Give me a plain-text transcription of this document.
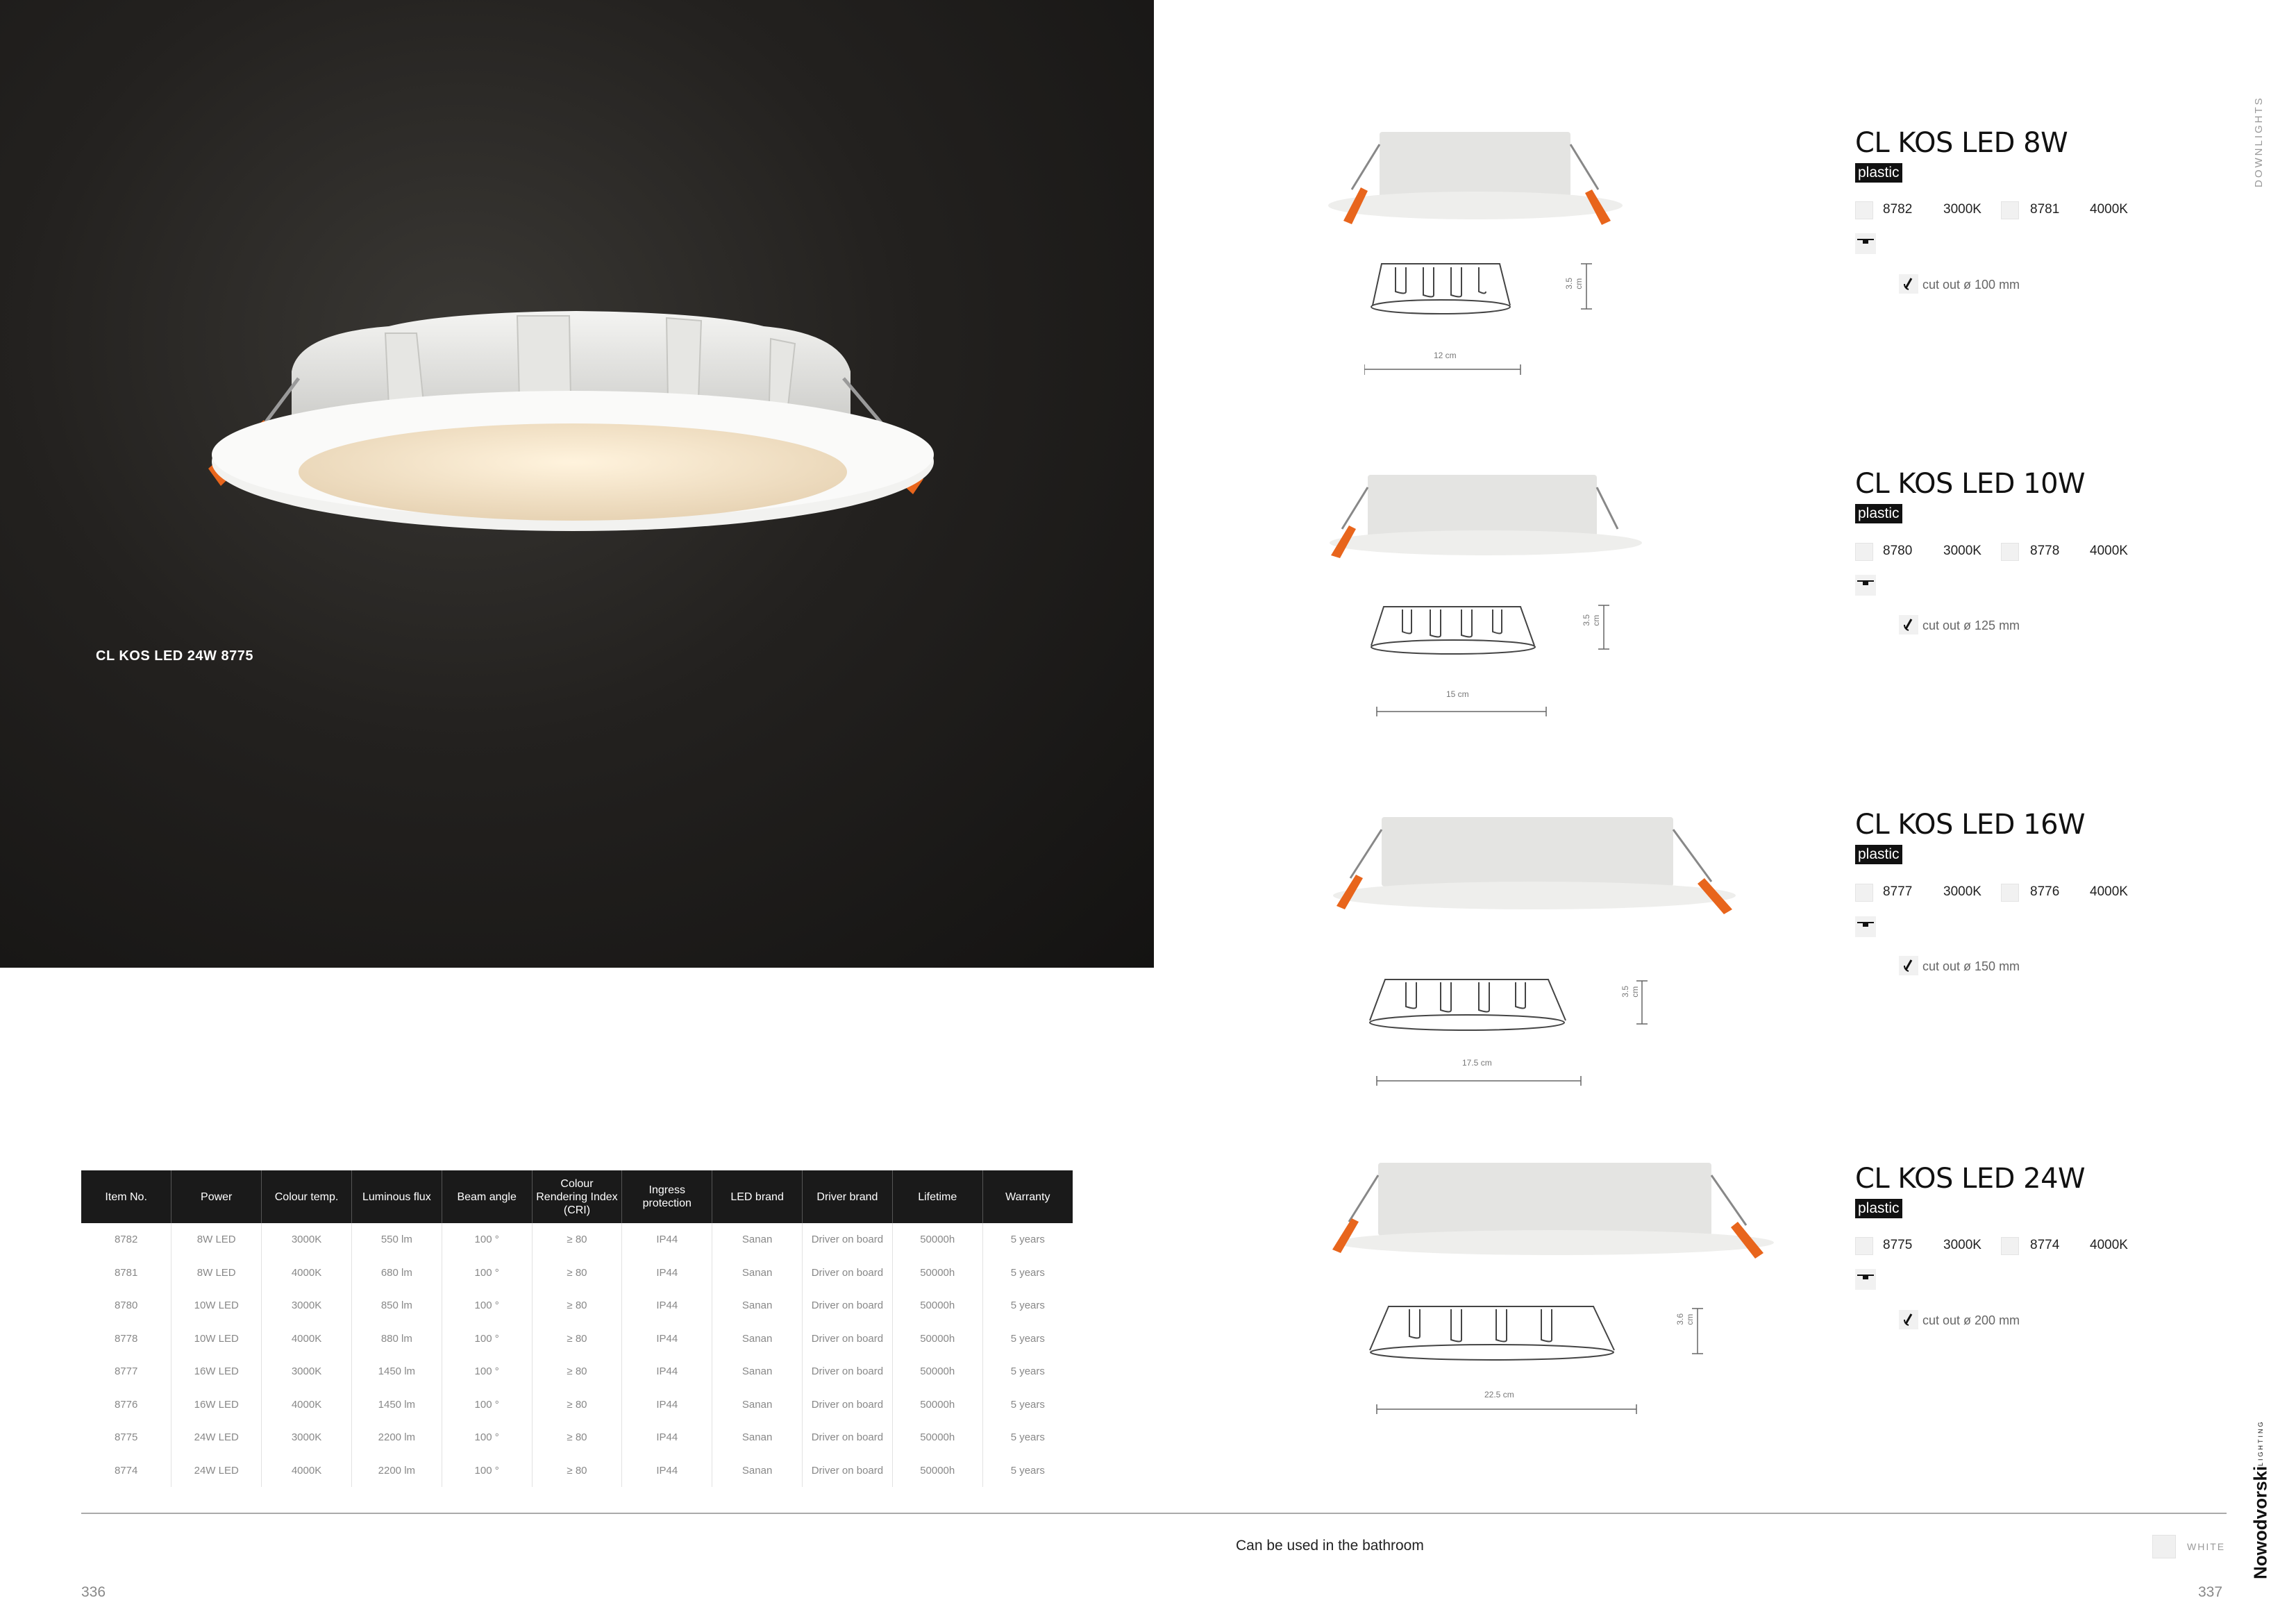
CL KOS LED 24W 8775
DOWNLIGHTS
12 cm
3.5 cm
CL KOS LED 8W
plastic
8782 3000K	8781 4000K
cut out ø 100 mm
15 cm
3.5 cm
CL KOS LED 10W
plastic
8780 3000K	8778 4000K
cut out ø 125 mm
17.5 cm
3.5 cm
CL KOS LED 16W
plastic
8777 3000K	8776 4000K
cut out ø 150 mm
22.5 cm
3.6 cm
CL KOS LED 24W
plastic
8775 3000K	8774 4000K
cut out ø 200 mm
Item No.	Power	Colour temp.	Luminous flux	Beam angle	Colour Rendering Index (CRI)	Ingress protection	LED brand	Driver brand	Lifetime	Warranty
8782	8W LED	3000K	550 lm	100 °	≥ 80	IP44	Sanan	Driver on board	50000h	5 years
8781	8W LED	4000K	680 lm	100 °	≥ 80	IP44	Sanan	Driver on board	50000h	5 years
8780	10W LED	3000K	850 lm	100 °	≥ 80	IP44	Sanan	Driver on board	50000h	5 years
8778	10W LED	4000K	880 lm	100 °	≥ 80	IP44	Sanan	Driver on board	50000h	5 years
8777	16W LED	3000K	1450 lm	100 °	≥ 80	IP44	Sanan	Driver on board	50000h	5 years
8776	16W LED	4000K	1450 lm	100 °	≥ 80	IP44	Sanan	Driver on board	50000h	5 years
8775	24W LED	3000K	2200 lm	100 °	≥ 80	IP44	Sanan	Driver on board	50000h	5 years
8774	24W LED	4000K	2200 lm	100 °	≥ 80	IP44	Sanan	Driver on board	50000h	5 years
Can be used in the bathroom	WHITE
336	337
Nowodvorski
LIGHTING
